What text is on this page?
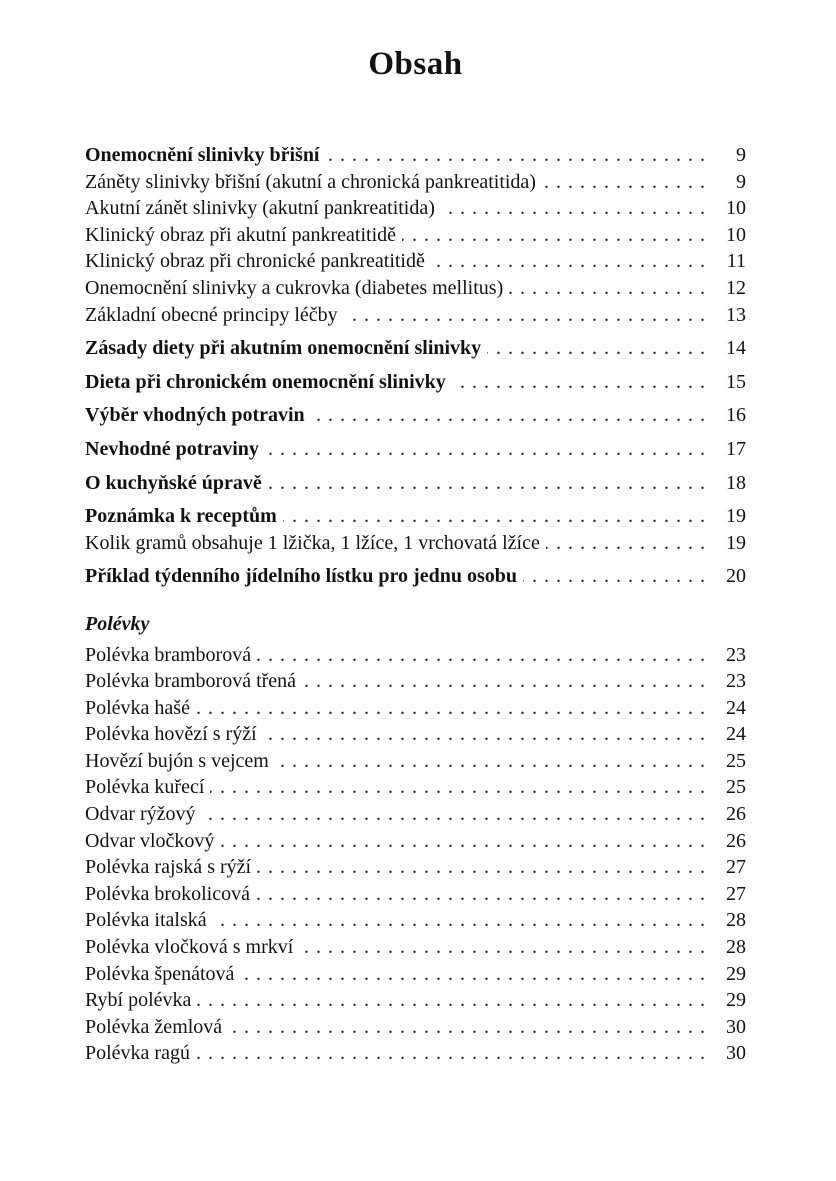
Obsah
Onemocnění slinivky břišní . . .	9
Záněty slinivky břišní (akutní a chronická pankreatitida) . . .	9
Akutní zánět slinivky (akutní pankreatitida) . . .	10
Klinický obraz při akutní pankreatitidě . . .	10
Klinický obraz při chronické pankreatitidě . . .	11
Onemocnění slinivky a cukrovka (diabetes mellitus) . . .	12
Základní obecné principy léčby . . .	13
Zásady diety při akutním onemocnění slinivky . . .	14
Dieta při chronickém onemocnění slinivky . . .	15
Výběr vhodných potravin . . .	16
Nevhodné potraviny . . .	17
O kuchyňské úpravě . . .	18
Poznámka k receptům . . .	19
Kolik gramů obsahuje 1 lžička, 1 lžíce, 1 vrchovatá lžíce . . .	19
Příklad týdenního jídelního lístku pro jednu osobu . . .	20
Polévky
Polévka bramborová . . .	23
Polévka bramborová třená . . .	23
Polévka hašé . . .	24
Polévka hovězí s rýží . . .	24
Hovězí bujón s vejcem . . .	25
Polévka kuřecí . . .	25
Odvar rýžový . . .	26
Odvar vločkový . . .	26
Polévka rajská s rýží . . .	27
Polévka brokolicová . . .	27
Polévka italská . . .	28
Polévka vločková s mrkví . . .	28
Polévka špenátová . . .	29
Rybí polévka . . .	29
Polévka žemlová . . .	30
Polévka ragú . . .	30
